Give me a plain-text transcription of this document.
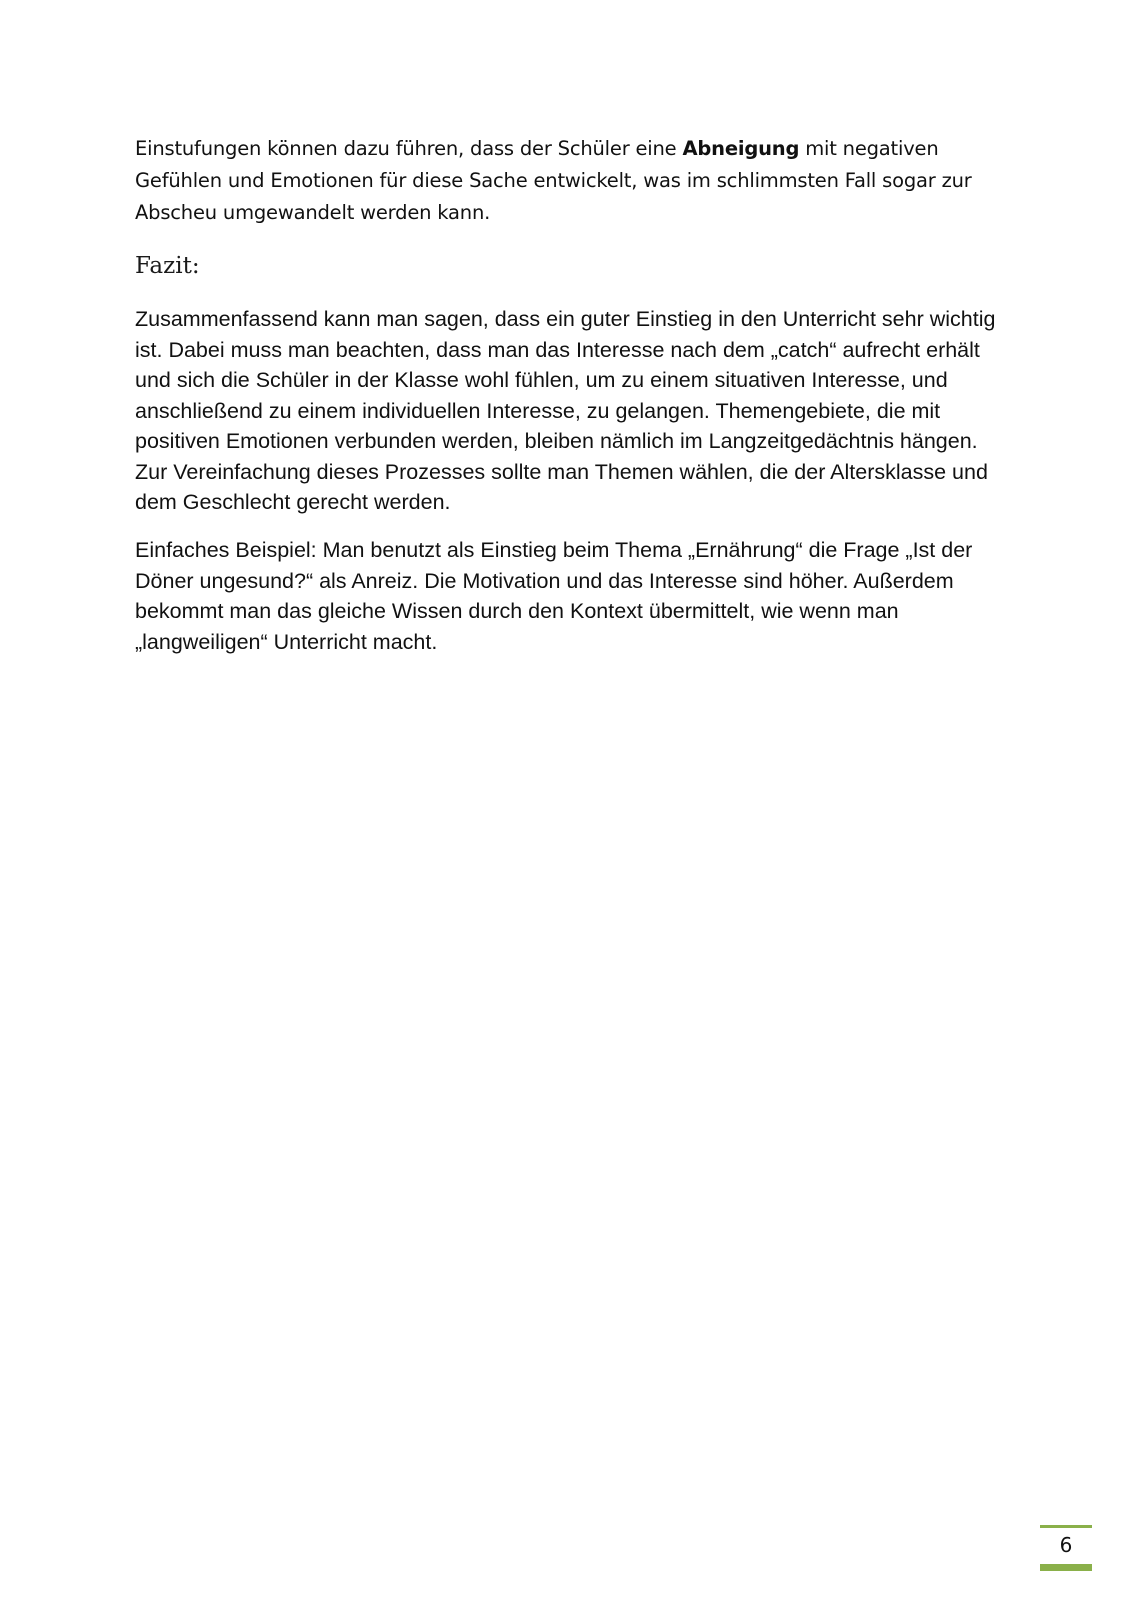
Einstufungen können dazu führen, dass der Schüler eine Abneigung mit negativen Gefühlen und Emotionen für diese Sache entwickelt, was im schlimmsten Fall sogar zur Abscheu umgewandelt werden kann.

Fazit:

Zusammenfassend kann man sagen, dass ein guter Einstieg in den Unterricht sehr wichtig ist. Dabei muss man beachten, dass man das Interesse nach dem „catch“ aufrecht erhält und sich die Schüler in der Klasse wohl fühlen, um zu einem situativen Interesse, und anschließend zu einem individuellen Interesse, zu gelangen. Themengebiete, die mit positiven Emotionen verbunden werden, bleiben nämlich im Langzeitgedächtnis hängen. Zur Vereinfachung dieses Prozesses sollte man Themen wählen, die der Altersklasse und dem Geschlecht gerecht werden.

Einfaches Beispiel: Man benutzt als Einstieg beim Thema „Ernährung“ die Frage „Ist der Döner ungesund?“ als Anreiz. Die Motivation und das Interesse sind höher. Außerdem bekommt man das gleiche Wissen durch den Kontext übermittelt, wie wenn man „langweiligen“ Unterricht macht.

6
